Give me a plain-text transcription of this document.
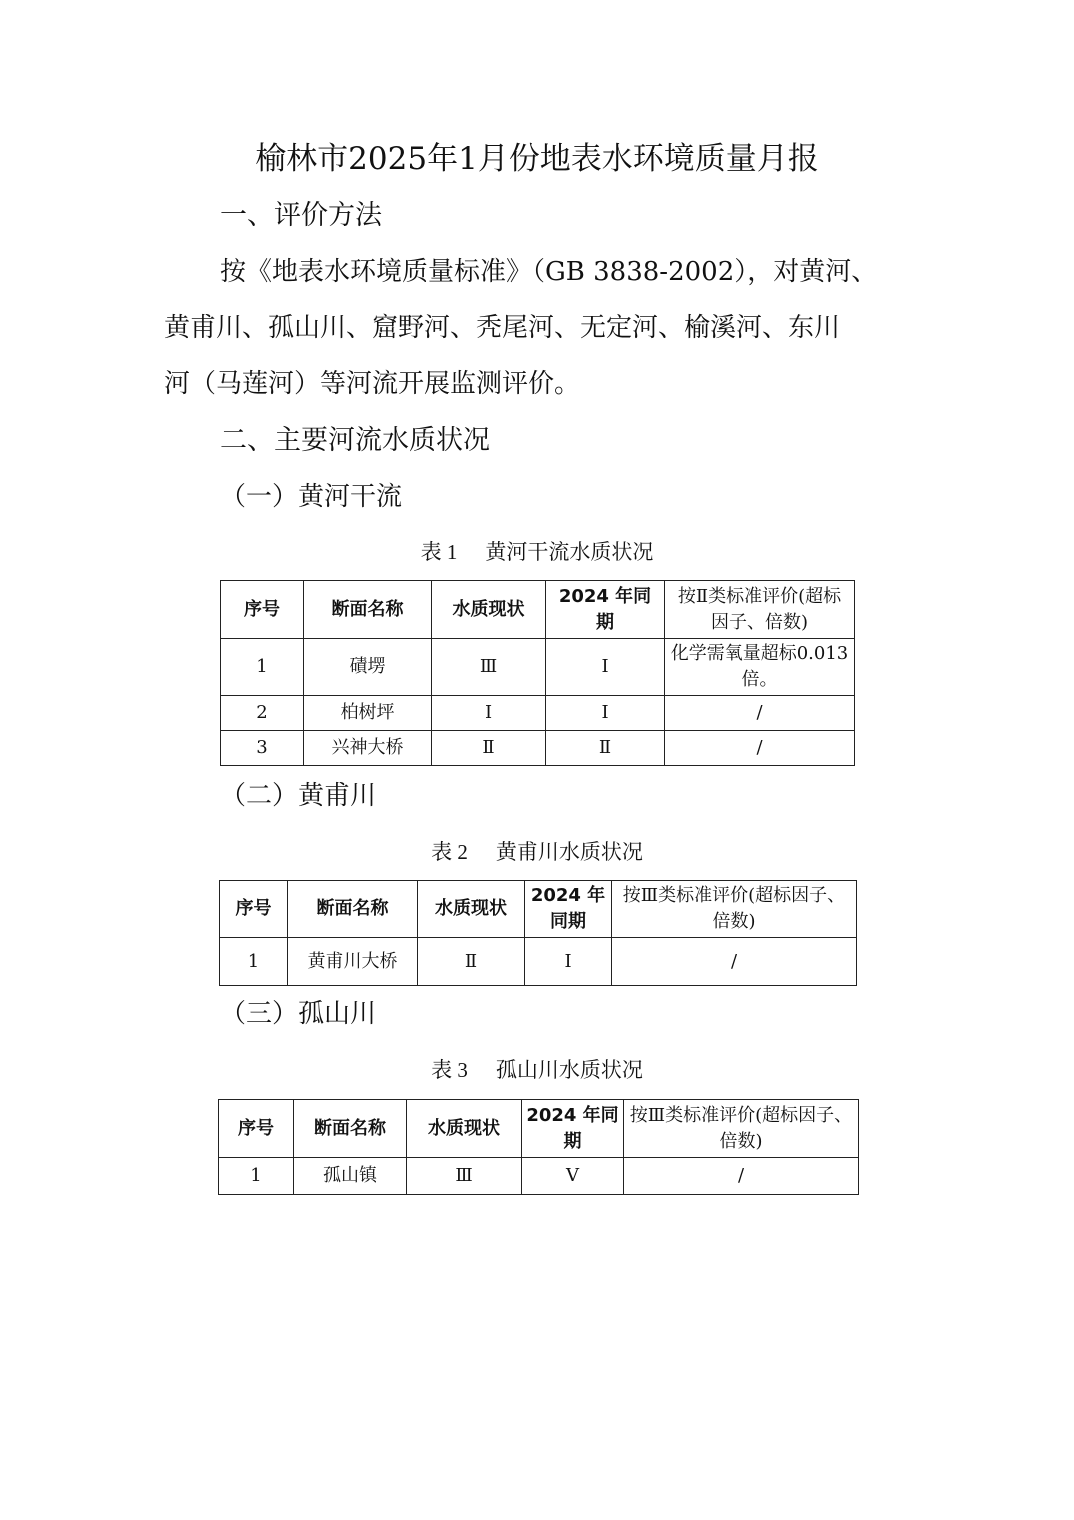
榆林市2025年1月份地表水环境质量月报
一、评价方法
按《地表水环境质量标准》（GB 3838-2002），对黄河、
黄甫川、孤山川、窟野河、秃尾河、无定河、榆溪河、东川
河（马莲河）等河流开展监测评价。
二、主要河流水质状况
（一）黄河干流
表 1 黄河干流水质状况
序号	断面名称	水质现状	2024 年同期	按Ⅱ类标准评价(超标因子、倍数)
1	磧塄	Ⅲ	Ⅰ	化学需氧量超标0.013 倍。
2	柏树坪	Ⅰ	Ⅰ	/
3	兴神大桥	Ⅱ	Ⅱ	/
（二）黄甫川
表 2 黄甫川水质状况
序号	断面名称	水质现状	2024 年同期	按Ⅲ类标准评价(超标因子、倍数)
1	黄甫川大桥	Ⅱ	Ⅰ	/
（三）孤山川
表 3 孤山川水质状况
序号	断面名称	水质现状	2024 年同期	按Ⅲ类标准评价(超标因子、倍数)
1	孤山镇	Ⅲ	Ⅴ	/
